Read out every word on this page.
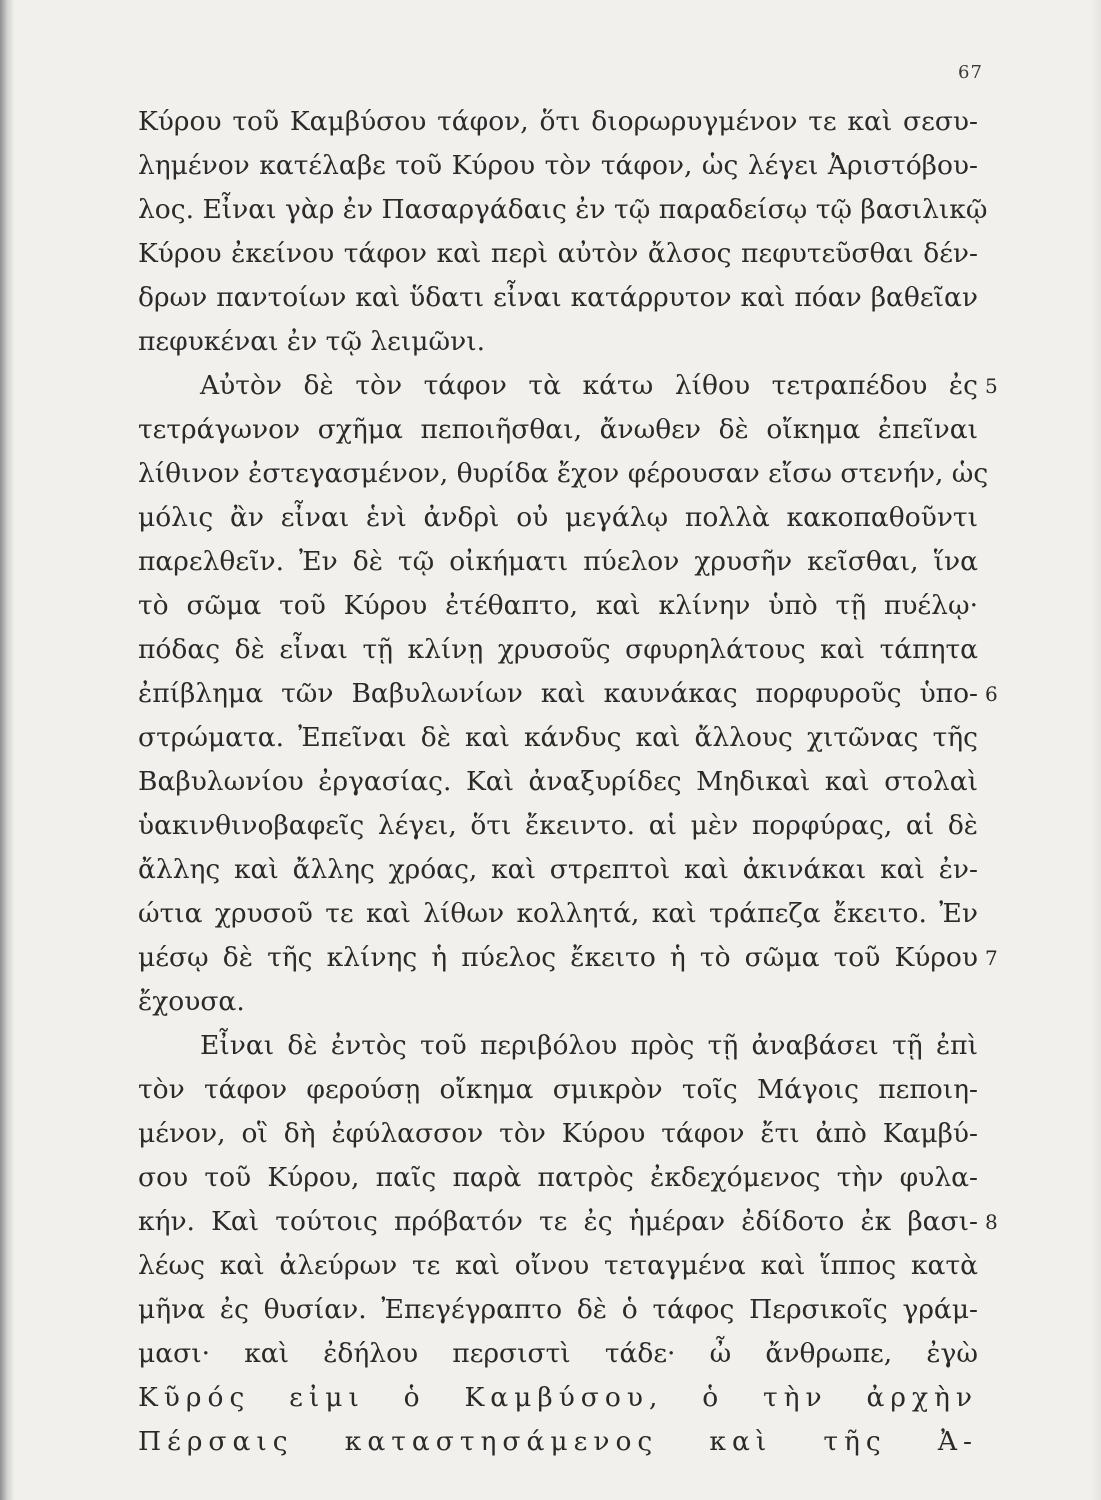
67
Κύρου τοῦ Καμβύσου τάφον, ὅτι διορωρυγμένον τε καὶ σεσυ-
λημένον κατέλαβε τοῦ Κύρου τὸν τάφον, ὡς λέγει Ἀριστόβου-
λος. Εἶναι γὰρ ἐν Πασαργάδαις ἐν τῷ παραδείσῳ τῷ βασιλικῷ
Κύρου ἐκείνου τάφον καὶ περὶ αὐτὸν ἄλσος πεφυτεῦσθαι δέν-
δρων παντοίων καὶ ὕδατι εἶναι κατάρρυτον καὶ πόαν βαθεῖαν
πεφυκέναι ἐν τῷ λειμῶνι.
Αὐτὸν δὲ τὸν τάφον τὰ κάτω λίθου τετραπέδου ἐς
τετράγωνον σχῆμα πεποιῆσθαι, ἄνωθεν δὲ οἴκημα ἐπεῖναι
λίθινον ἐστεγασμένον, θυρίδα ἔχον φέρουσαν εἴσω στενήν, ὡς
μόλις ἂν εἶναι ἑνὶ ἀνδρὶ οὐ μεγάλῳ πολλὰ κακοπαθοῦντι
παρελθεῖν. Ἐν δὲ τῷ οἰκήματι πύελον χρυσῆν κεῖσθαι, ἵνα
τὸ σῶμα τοῦ Κύρου ἐτέθαπτο, καὶ κλίνην ὑπὸ τῇ πυέλῳ·
πόδας δὲ εἶναι τῇ κλίνῃ χρυσοῦς σφυρηλάτους καὶ τάπητα
ἐπίβλημα τῶν Βαβυλωνίων καὶ καυνάκας πορφυροῦς ὑπο-
στρώματα. Ἐπεῖναι δὲ καὶ κάνδυς καὶ ἄλλους χιτῶνας τῆς
Βαβυλωνίου ἐργασίας. Καὶ ἀναξυρίδες Μηδικαὶ καὶ στολαὶ
ὑακινθινοβαφεῖς λέγει, ὅτι ἔκειντο. αἱ μὲν πορφύρας, αἱ δὲ
ἄλλης καὶ ἄλλης χρόας, καὶ στρεπτοὶ καὶ ἀκινάκαι καὶ ἐν-
ώτια χρυσοῦ τε καὶ λίθων κολλητά, καὶ τράπεζα ἔκειτο. Ἐν
μέσῳ δὲ τῆς κλίνης ἡ πύελος ἔκειτο ἡ τὸ σῶμα τοῦ Κύρου
ἔχουσα.
Εἶναι δὲ ἐντὸς τοῦ περιβόλου πρὸς τῇ ἀναβάσει τῇ ἐπὶ
τὸν τάφον φερούσῃ οἴκημα σμικρὸν τοῖς Μάγοις πεποιη-
μένον, οἳ δὴ ἐφύλασσον τὸν Κύρου τάφον ἔτι ἀπὸ Καμβύ-
σου τοῦ Κύρου, παῖς παρὰ πατρὸς ἐκδεχόμενος τὴν φυλα-
κήν. Καὶ τούτοις πρόβατόν τε ἐς ἡμέραν ἐδίδοτο ἐκ βασι-
λέως καὶ ἀλεύρων τε καὶ οἴνου τεταγμένα καὶ ἵππος κατὰ
μῆνα ἐς θυσίαν. Ἐπεγέγραπτο δὲ ὁ τάφος Περσικοῖς γράμ-
μασι· καὶ ἐδήλου περσιστὶ τάδε· ὦ ἄνθρωπε, ἐγὼ
Κῦρός εἰμι ὁ Καμβύσου, ὁ τὴν ἀρχὴν
Πέρσαις καταστησάμενος καὶ τῆς Ἀ-
5
6
7
8
